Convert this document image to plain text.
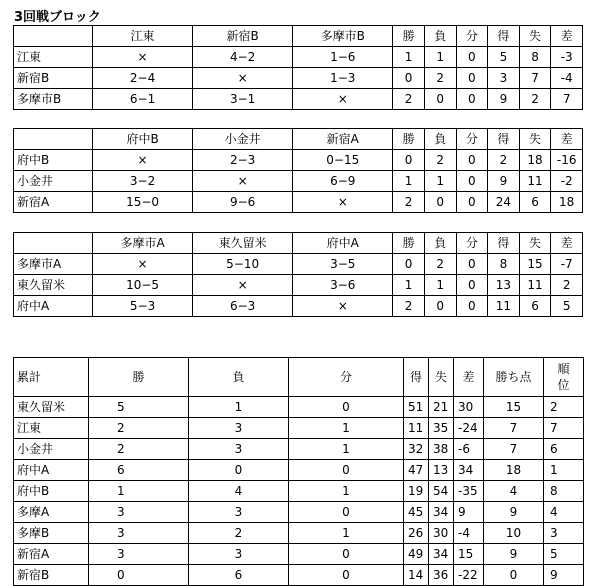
3回戦ブロック
	江東	新宿B	多摩市B	勝	負	分	得	失	差
江東	×	4−2	1−6	1	1	0	5	8	-3
新宿B	2−4	×	1−3	0	2	0	3	7	-4
多摩市B	6−1	3−1	×	2	0	0	9	2	7
	府中B	小金井	新宿A	勝	負	分	得	失	差
府中B	×	2−3	0−15	0	2	0	2	18	-16
小金井	3−2	×	6−9	1	1	0	9	11	-2
新宿A	15−0	9−6	×	2	0	0	24	6	18
	多摩市A	東久留米	府中A	勝	負	分	得	失	差
多摩市A	×	5−10	3−5	0	2	0	8	15	-7
東久留米	10−5	×	3−6	1	1	0	13	11	2
府中A	5−3	6−3	×	2	0	0	11	6	5
累計	勝	負	分	得	失	差	勝ち点	順位
東久留米	5	1	0	51	21	30	15	2
江東	2	3	1	11	35	-24	7	7
小金井	2	3	1	32	38	-6	7	6
府中A	6	0	0	47	13	34	18	1
府中B	1	4	1	19	54	-35	4	8
多摩A	3	3	0	45	34	9	9	4
多摩B	3	2	1	26	30	-4	10	3
新宿A	3	3	0	49	34	15	9	5
新宿B	0	6	0	14	36	-22	0	9
